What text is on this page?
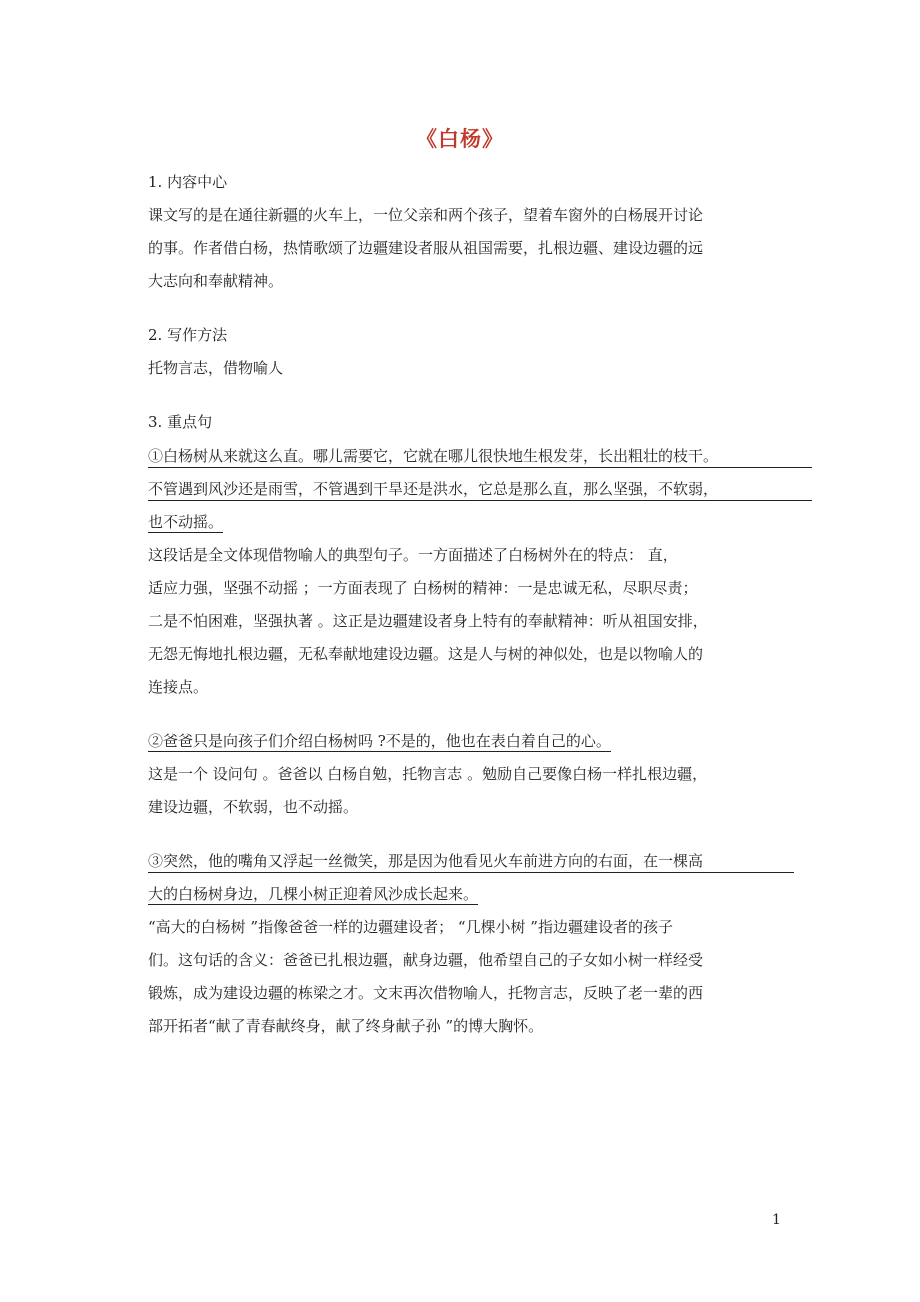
《白杨》
1. 内容中心
课文写的是在通往新疆的火车上，一位父亲和两个孩子，望着车窗外的白杨展开讨论
的事。作者借白杨，热情歌颂了边疆建设者服从祖国需要，扎根边疆、建设边疆的远
大志向和奉献精神。
2. 写作方法
托物言志，借物喻人
3. 重点句
①白杨树从来就这么直。哪儿需要它，它就在哪儿很快地生根发芽，长出粗壮的枝干。
不管遇到风沙还是雨雪，不管遇到干旱还是洪水，它总是那么直，那么坚强，不软弱，
也不动摇。
这段话是全文体现借物喻人的典型句子。一方面描述了白杨树外在的特点： 直，
适应力强，坚强不动摇 ；一方面表现了 白杨树的精神：一是忠诚无私，尽职尽责；
二是不怕困难，坚强执著 。这正是边疆建设者身上特有的奉献精神：听从祖国安排，
无怨无悔地扎根边疆，无私奉献地建设边疆。这是人与树的神似处，也是以物喻人的
连接点。
②爸爸只是向孩子们介绍白杨树吗 ?不是的，他也在表白着自己的心。
这是一个 设问句 。爸爸以 白杨自勉，托物言志 。勉励自己要像白杨一样扎根边疆，
建设边疆，不软弱，也不动摇。
③突然，他的嘴角又浮起一丝微笑，那是因为他看见火车前进方向的右面，在一棵高
大的白杨树身边，几棵小树正迎着风沙成长起来。
“高大的白杨树 ”指像爸爸一样的边疆建设者； “几棵小树 ”指边疆建设者的孩子
们。这句话的含义：爸爸已扎根边疆，献身边疆，他希望自己的子女如小树一样经受
锻炼，成为建设边疆的栋梁之才。文末再次借物喻人，托物言志，反映了老一辈的西
部开拓者“献了青春献终身，献了终身献子孙 ”的博大胸怀。
1
